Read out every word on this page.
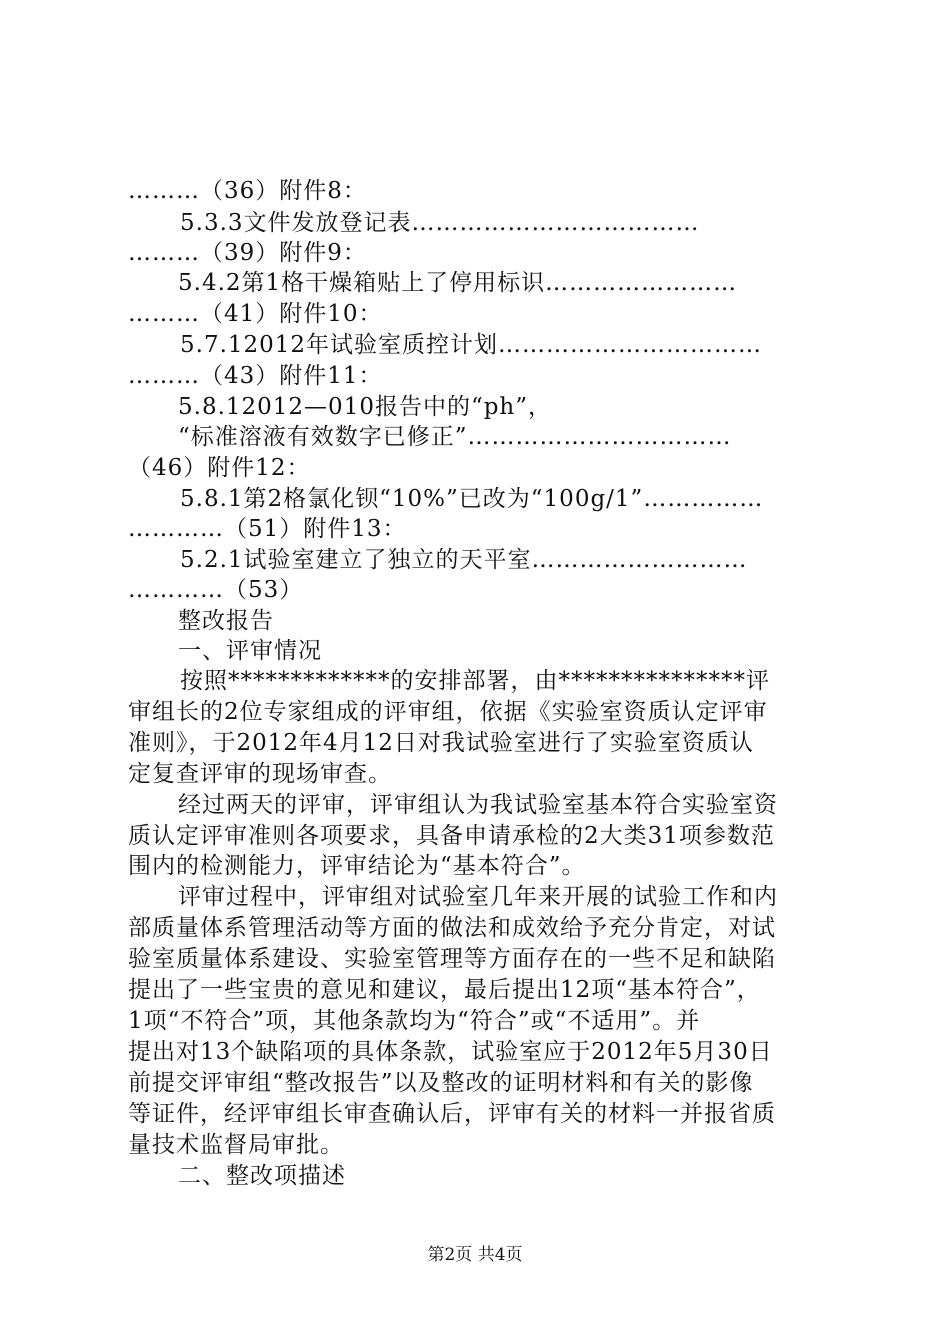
………（36）附件8：
5.3.3文件发放登记表………………………………
………（39）附件9：
5.4.2第1格干燥箱贴上了停用标识……………………
………（41）附件10：
5.7.12012年试验室质控计划……………………………
………（43）附件11：
5.8.12012—010报告中的“ph”，
“标准溶液有效数字已修正”……………………………
（46）附件12：
5.8.1第2格氯化钡“10%”已改为“100g/1”……………
…………（51）附件13：
5.2.1试验室建立了独立的天平室………………………
…………（53）
整改报告
一、评审情况
按照*************的安排部署，由***************评
审组长的2位专家组成的评审组，依据《实验室资质认定评审
准则》，于2012年4月12日对我试验室进行了实验室资质认
定复查评审的现场审查。
经过两天的评审，评审组认为我试验室基本符合实验室资
质认定评审准则各项要求，具备申请承检的2大类31项参数范
围内的检测能力，评审结论为“基本符合”。
评审过程中，评审组对试验室几年来开展的试验工作和内
部质量体系管理活动等方面的做法和成效给予充分肯定，对试
验室质量体系建设、实验室管理等方面存在的一些不足和缺陷
提出了一些宝贵的意见和建议，最后提出12项“基本符合”，
1项“不符合”项，其他条款均为“符合”或“不适用”。并
提出对13个缺陷项的具体条款，试验室应于2012年5月30日
前提交评审组“整改报告”以及整改的证明材料和有关的影像
等证件，经评审组长审查确认后，评审有关的材料一并报省质
量技术监督局审批。
二、整改项描述
第2页 共4页
